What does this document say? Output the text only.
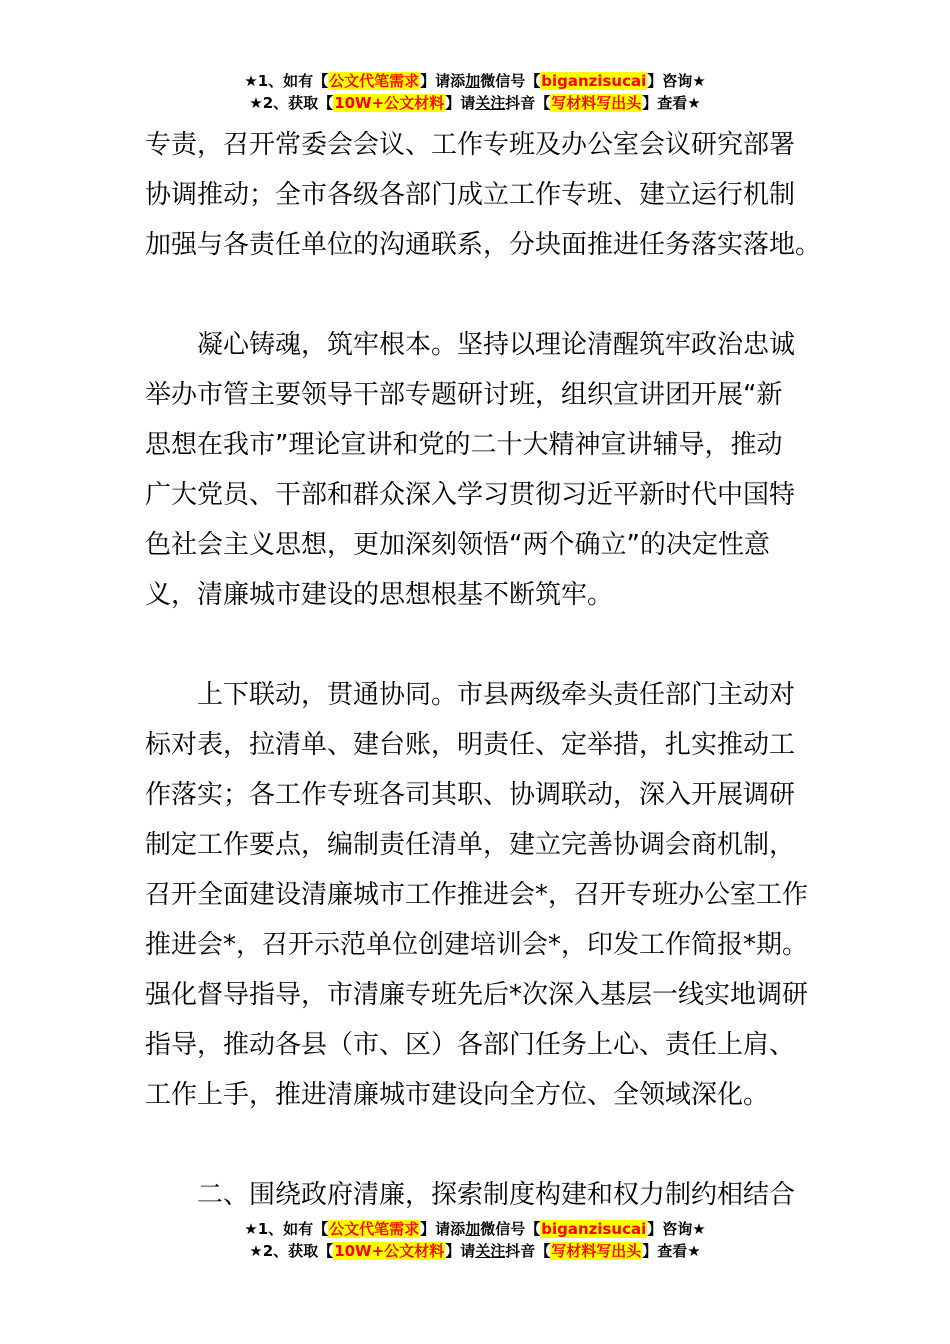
★1、如有【公文代笔需求】请添加微信号【biganzisucai】咨询★
★2、获取【10W+公文材料】请关注抖音【写材料写出头】查看★
专责，召开常委会会议、工作专班及办公室会议研究部署
协调推动；全市各级各部门成立工作专班、建立运行机制
加强与各责任单位的沟通联系，分块面推进任务落实落地。
凝心铸魂，筑牢根本。坚持以理论清醒筑牢政治忠诚
举办市管主要领导干部专题研讨班，组织宣讲团开展“新
思想在我市”理论宣讲和党的二十大精神宣讲辅导，推动
广大党员、干部和群众深入学习贯彻习近平新时代中国特
色社会主义思想，更加深刻领悟“两个确立”的决定性意
义，清廉城市建设的思想根基不断筑牢。
上下联动，贯通协同。市县两级牵头责任部门主动对
标对表，拉清单、建台账，明责任、定举措，扎实推动工
作落实；各工作专班各司其职、协调联动，深入开展调研
制定工作要点，编制责任清单，建立完善协调会商机制，
召开全面建设清廉城市工作推进会*，召开专班办公室工作
推进会*，召开示范单位创建培训会*，印发工作简报*期。
强化督导指导，市清廉专班先后*次深入基层一线实地调研
指导，推动各县（市、区）各部门任务上心、责任上肩、
工作上手，推进清廉城市建设向全方位、全领域深化。
二、围绕政府清廉，探索制度构建和权力制约相结合
★1、如有【公文代笔需求】请添加微信号【biganzisucai】咨询★
★2、获取【10W+公文材料】请关注抖音【写材料写出头】查看★
